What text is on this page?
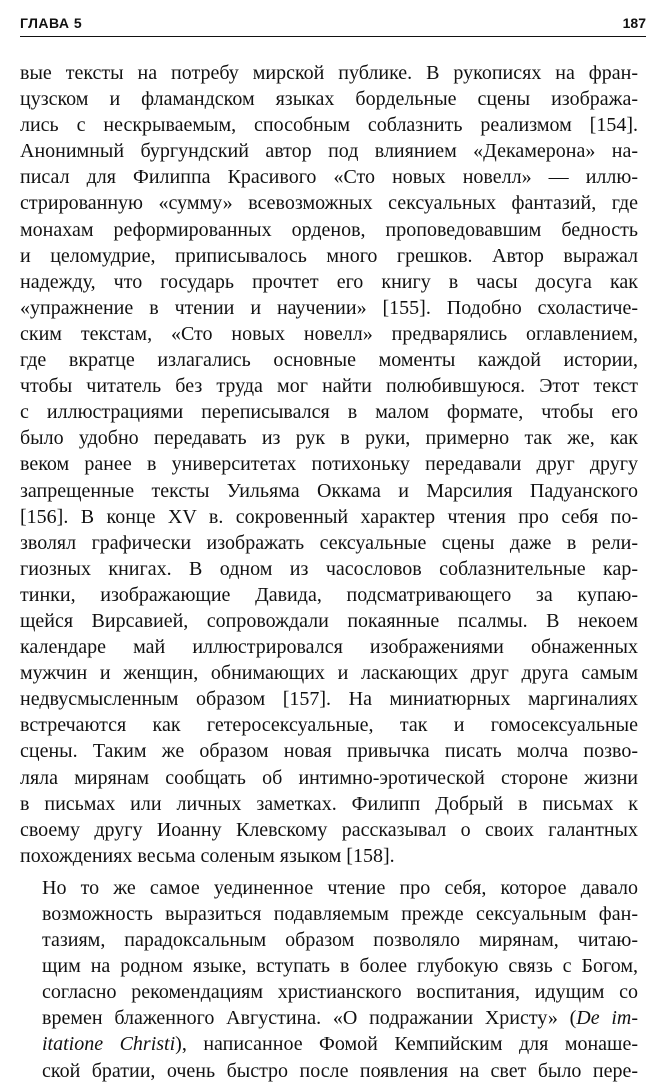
ГЛАВА 5	187

вые тексты на потребу мирской публике. В рукописях на фран-
цузском и фламандском языках бордельные сцены изобража-
лись с нескрываемым, способным соблазнить реализмом [154].
Анонимный бургундский автор под влиянием «Декамерона» на-
писал для Филиппа Красивого «Сто новых новелл» — иллю-
стрированную «сумму» всевозможных сексуальных фантазий, где
монахам реформированных орденов, проповедовавшим бедность
и целомудрие, приписывалось много грешков. Автор выражал
надежду, что государь прочтет его книгу в часы досуга как
«упражнение в чтении и научении» [155]. Подобно схоластиче-
ским текстам, «Сто новых новелл» предварялись оглавлением,
где вкратце излагались основные моменты каждой истории,
чтобы читатель без труда мог найти полюбившуюся. Этот текст
с иллюстрациями переписывался в малом формате, чтобы его
было удобно передавать из рук в руки, примерно так же, как
веком ранее в университетах потихоньку передавали друг другу
запрещенные тексты Уильяма Оккама и Марсилия Падуанского
[156]. В конце XV в. сокровенный характер чтения про себя по-
зволял графически изображать сексуальные сцены даже в рели-
гиозных книгах. В одном из часословов соблазнительные кар-
тинки, изображающие Давида, подсматривающего за купаю-
щейся Вирсавией, сопровождали покаянные псалмы. В некоем
календаре май иллюстрировался изображениями обнаженных
мужчин и женщин, обнимающих и ласкающих друг друга самым
недвусмысленным образом [157]. На миниатюрных маргиналиях
встречаются как гетеросексуальные, так и гомосексуальные
сцены. Таким же образом новая привычка писать молча позво-
ляла мирянам сообщать об интимно-эротической стороне жизни
в письмах или личных заметках. Филипп Добрый в письмах к
своему другу Иоанну Клевскому рассказывал о своих галантных
похождениях весьма соленым языком [158].

Но то же самое уединенное чтение про себя, которое давало
возможность выразиться подавляемым прежде сексуальным фан-
тазиям, парадоксальным образом позволяло мирянам, читаю-
щим на родном языке, вступать в более глубокую связь с Богом,
согласно рекомендациям христианского воспитания, идущим со
времен блаженного Августина. «О подражании Христу» (De im-
itatione Christi), написанное Фомой Кемпийским для монаше-
ской братии, очень быстро после появления на свет было пере-
